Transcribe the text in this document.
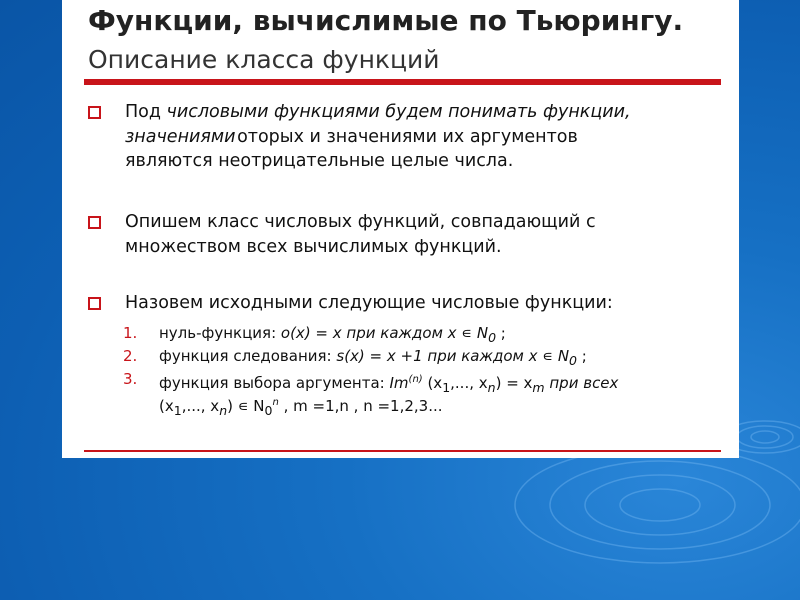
Функции, вычислимые по Тьюрингу. Описание класса функций
Под числовыми функциями будем понимать функции,
значениями оторых и значениями их аргументов
являются неотрицательные целые числа.
Опишем класс числовых функций, совпадающий с
множеством всех вычислимых функций.
Назовем исходными следующие числовые функции:
1. нуль-функция: o(x) = x при каждом x ∊ $N_0$ ;
2. функция следования: s(x) = x +1 при каждом x ∊ $N_0$ ;
3. функция выбора аргумента: Im$^{(n)}$ ($x_1$,..., $x_n) = x_m$ при всех
($x_1$,..., $x_n$) ∊ $N_0^n$ , m =1,n , n =1,2,3...
